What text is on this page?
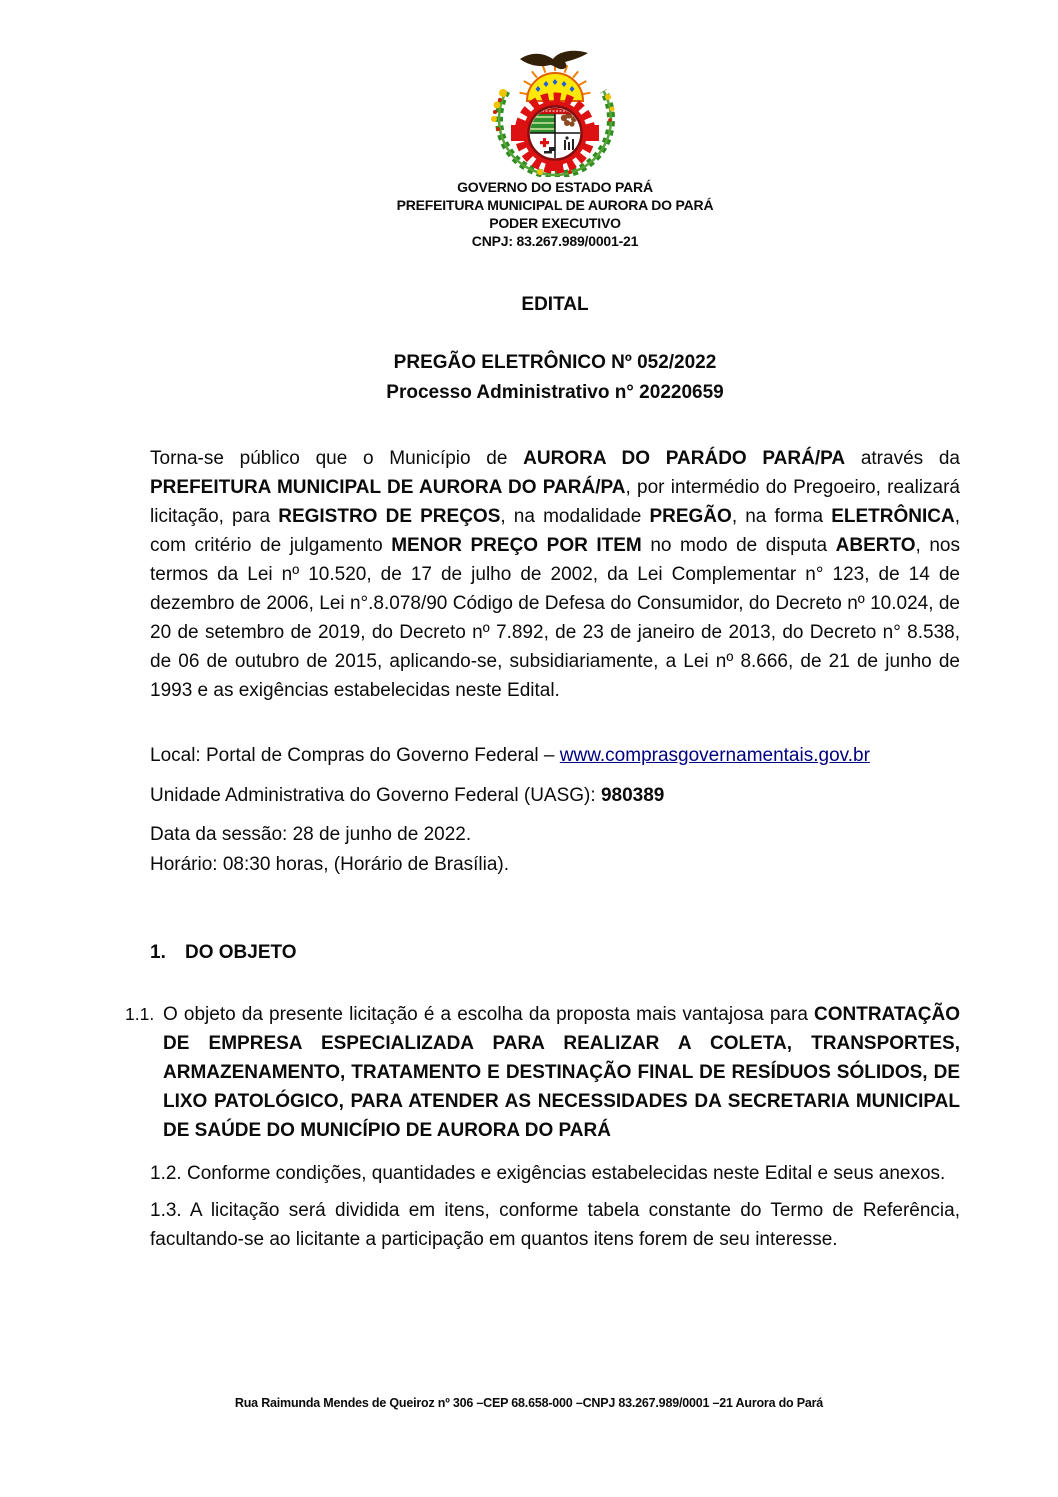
GOVERNO DO ESTADO PARÁ
PREFEITURA MUNICIPAL DE AURORA DO PARÁ
PODER EXECUTIVO
CNPJ: 83.267.989/0001-21
EDITAL
PREGÃO ELETRÔNICO Nº 052/2022
Processo Administrativo n° 20220659

Torna-se público que o Município de AURORA DO PARÁDO PARÁ/PA através da PREFEITURA MUNICIPAL DE AURORA DO PARÁ/PA, por intermédio do Pregoeiro, realizará licitação, para REGISTRO DE PREÇOS, na modalidade PREGÃO, na forma ELETRÔNICA, com critério de julgamento MENOR PREÇO POR ITEM no modo de disputa ABERTO, nos termos da Lei nº 10.520, de 17 de julho de 2002, da Lei Complementar n° 123, de 14 de dezembro de 2006, Lei n°.8.078/90 Código de Defesa do Consumidor, do Decreto nº 10.024, de 20 de setembro de 2019, do Decreto nº 7.892, de 23 de janeiro de 2013, do Decreto n° 8.538, de 06 de outubro de 2015, aplicando-se, subsidiariamente, a Lei nº 8.666, de 21 de junho de 1993 e as exigências estabelecidas neste Edital.

Local: Portal de Compras do Governo Federal – www.comprasgovernamentais.gov.br

Unidade Administrativa do Governo Federal (UASG): 980389

Data da sessão: 28 de junho de 2022.
Horário: 08:30 horas, (Horário de Brasília).
1. DO OBJETO
1.1. O objeto da presente licitação é a escolha da proposta mais vantajosa para CONTRATAÇÃO DE EMPRESA ESPECIALIZADA PARA REALIZAR A COLETA, TRANSPORTES, ARMAZENAMENTO, TRATAMENTO E DESTINAÇÃO FINAL DE RESÍDUOS SÓLIDOS, DE LIXO PATOLÓGICO, PARA ATENDER AS NECESSIDADES DA SECRETARIA MUNICIPAL DE SAÚDE DO MUNICÍPIO DE AURORA DO PARÁ

1.2. Conforme condições, quantidades e exigências estabelecidas neste Edital e seus anexos.

1.3. A licitação será dividida em itens, conforme tabela constante do Termo de Referência, facultando-se ao licitante a participação em quantos itens forem de seu interesse.

Rua Raimunda Mendes de Queiroz nº 306 –CEP 68.658-000 –CNPJ 83.267.989/0001 –21 Aurora do Pará
